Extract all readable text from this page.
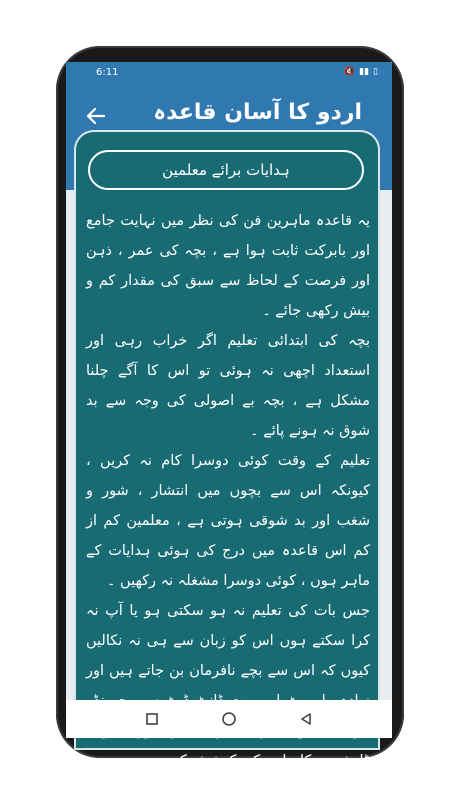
6:11	🔇 ▮▮ ▯
اردو کا آسان قاعدہ
ہدایات برائے معلمین

یہ قاعدہ ماہرین فن کی نظر میں نہایت جامع اور بابرکت ثابت ہوا ہے ، بچہ کی عمر ، ذہن اور فرصت کے لحاظ سے سبق کی مقدار کم و بیش رکھی جائے ۔

بچہ کی ابتدائی تعلیم اگر خراب رہی اور استعداد اچھی نہ ہوئی تو اس کا آگے چلنا مشکل ہے ، بچہ بے اصولی کی وجہ سے بد شوق نہ ہونے پائے ۔

تعلیم کے وقت کوئی دوسرا کام نہ کریں ، کیونکہ اس سے بچوں میں انتشار ، شور و شغب اور بد شوقی ہوتی ہے ، معلمین کم از کم اس قاعدہ میں درج کی ہوئی ہدایات کے ماہر ہوں ، کوئی دوسرا مشغلہ نہ رکھیں ۔

جس بات کی تعلیم نہ ہو سکتی ہو یا آپ نہ کرا سکتے ہوں اس کو زبان سے ہی نہ نکالیں کیوں کہ اس سے بچے نافرمان بن جاتے ہیں اور ڈانٹ سے کام لینے کی کوشش کریں ، پھر بھی
